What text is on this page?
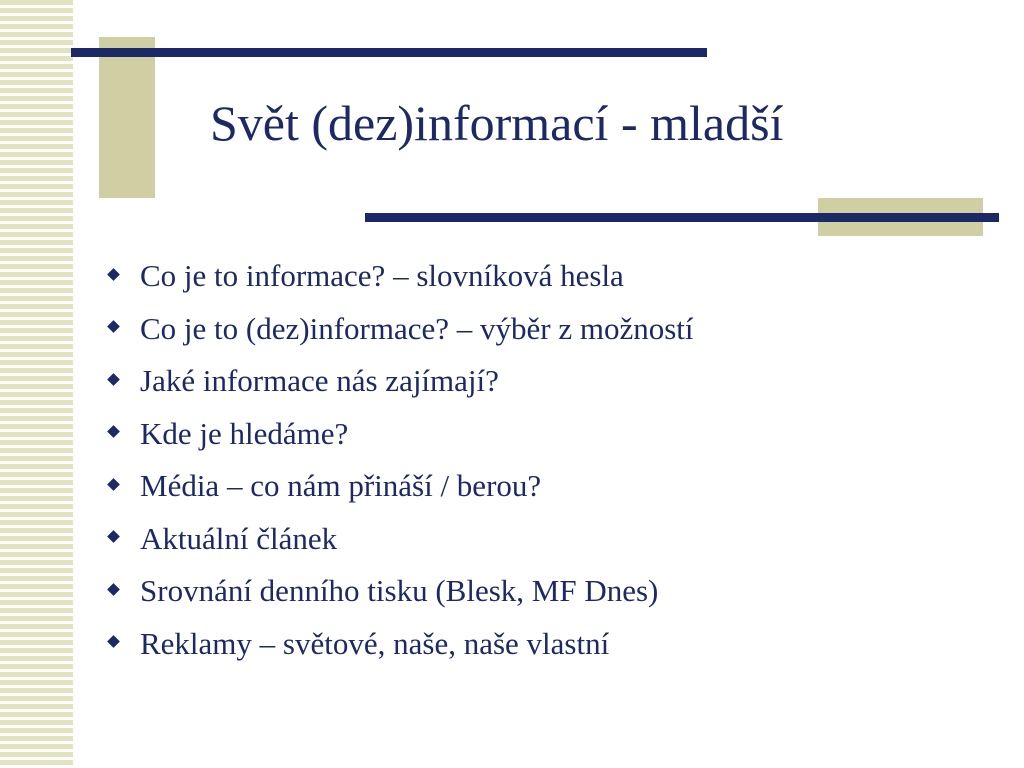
Svět (dez)informací - mladší
Co je to informace? – slovníková hesla
Co je to (dez)informace? – výběr z možností
Jaké informace nás zajímají?
Kde je hledáme?
Média – co nám přináší / berou?
Aktuální článek
Srovnání denního tisku (Blesk, MF Dnes)
Reklamy – světové, naše, naše vlastní
